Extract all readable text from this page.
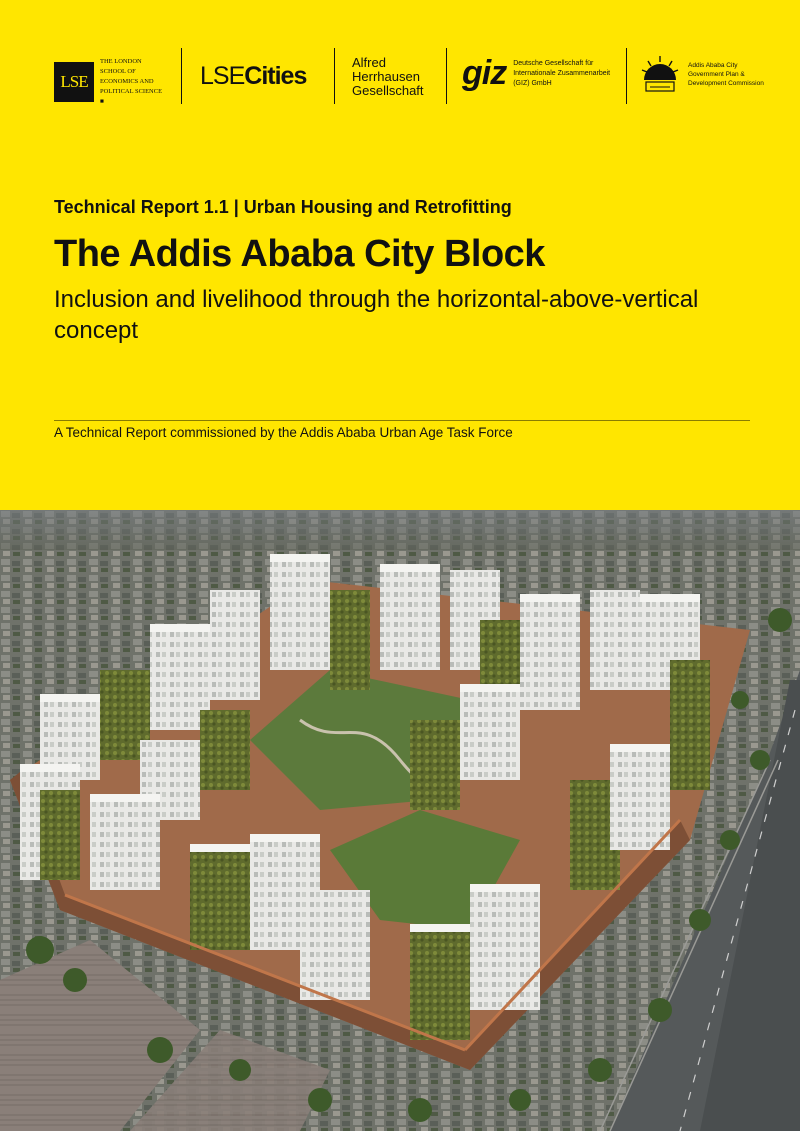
LSE
THE LONDON SCHOOL OF ECONOMICS AND POLITICAL SCIENCE ■
LSECities	Alfred Herrhausen Gesellschaft	giz Deutsche Gesellschaft für Internationale Zusammenarbeit (GIZ) GmbH
Addis Ababa City Government Plan & Development Commission
Technical Report 1.1 | Urban Housing and Retrofitting
The Addis Ababa City Block
Inclusion and livelihood through the horizontal-above-vertical concept
A Technical Report commissioned by the Addis Ababa Urban Age Task Force
